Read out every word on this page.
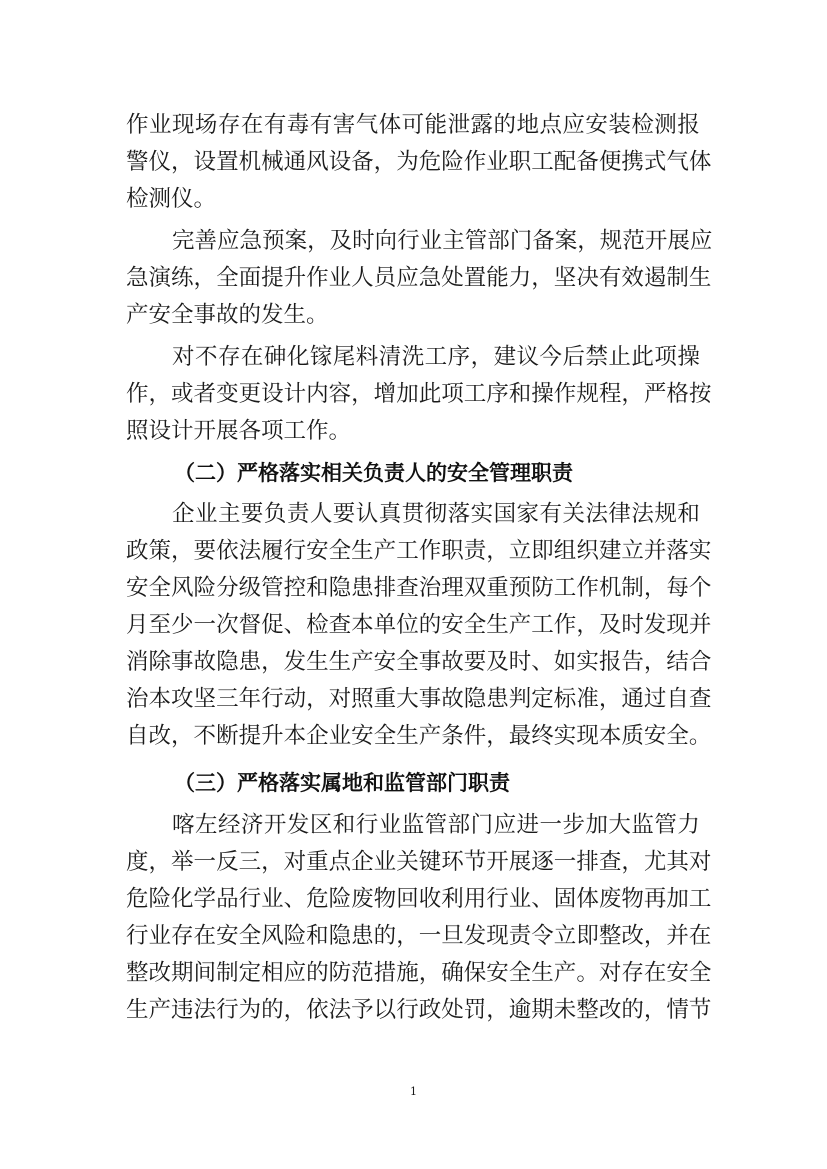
作 业 现 场 存 在 有 毒 有 害 气 体 可 能 泄 露 的 地 点 应 安 装 检 测 报
警 仪 ， 设 置 机 械 通 风 设 备 ， 为 危 险 作 业 职 工 配 备 便 携 式 气 体
检测仪。
完 善 应 急 预 案 ， 及 时 向 行 业 主 管 部 门 备 案 ， 规 范 开 展 应
急 演 练 ， 全 面 提 升 作 业 人 员 应 急 处 置 能 力 ， 坚 决 有 效 遏 制 生
产安全事故的发生。
对 不 存 在 砷 化 镓 尾 料 清 洗 工 序 ， 建 议 今 后 禁 止 此 项 操
作 ， 或 者 变 更 设 计 内 容 ， 增 加 此 项 工 序 和 操 作 规 程 ， 严 格 按
照设计开展各项工作。
（二）严格落实相关负责人的安全管理职责
企 业 主 要 负 责 人 要 认 真 贯 彻 落 实 国 家 有 关 法 律 法 规 和
政 策 ， 要 依 法 履 行 安 全 生 产 工 作 职 责 ， 立 即 组 织 建 立 并 落 实
安 全 风 险 分 级 管 控 和 隐 患 排 查 治 理 双 重 预 防 工 作 机 制 ， 每 个
月 至 少 一 次 督 促 、 检 查 本 单 位 的 安 全 生 产 工 作 ， 及 时 发 现 并
消 除 事 故 隐 患 ， 发 生 生 产 安 全 事 故 要 及 时 、 如 实 报 告 ， 结 合
治 本 攻 坚 三 年 行 动 ， 对 照 重 大 事 故 隐 患 判 定 标 准 ， 通 过 自 查
自 改 ， 不 断 提 升 本 企 业 安 全 生 产 条 件 ， 最 终 实 现 本 质 安 全 。
（三）严格落实属地和监管部门职责
喀 左 经 济 开 发 区 和 行 业 监 管 部 门 应 进 一 步 加 大 监 管 力
度 ， 举 一 反 三 ， 对 重 点 企 业 关 键 环 节 开 展 逐 一 排 查 ， 尤 其 对
危 险 化 学 品 行 业 、 危 险 废 物 回 收 利 用 行 业 、 固 体 废 物 再 加 工
行 业 存 在 安 全 风 险 和 隐 患 的 ， 一 旦 发 现 责 令 立 即 整 改 ， 并 在
整 改 期 间 制 定 相 应 的 防 范 措 施 ， 确 保 安 全 生 产 。 对 存 在 安 全
生 产 违 法 行 为 的 ， 依 法 予 以 行 政 处 罚 ， 逾 期 未 整 改 的 ， 情 节
1
